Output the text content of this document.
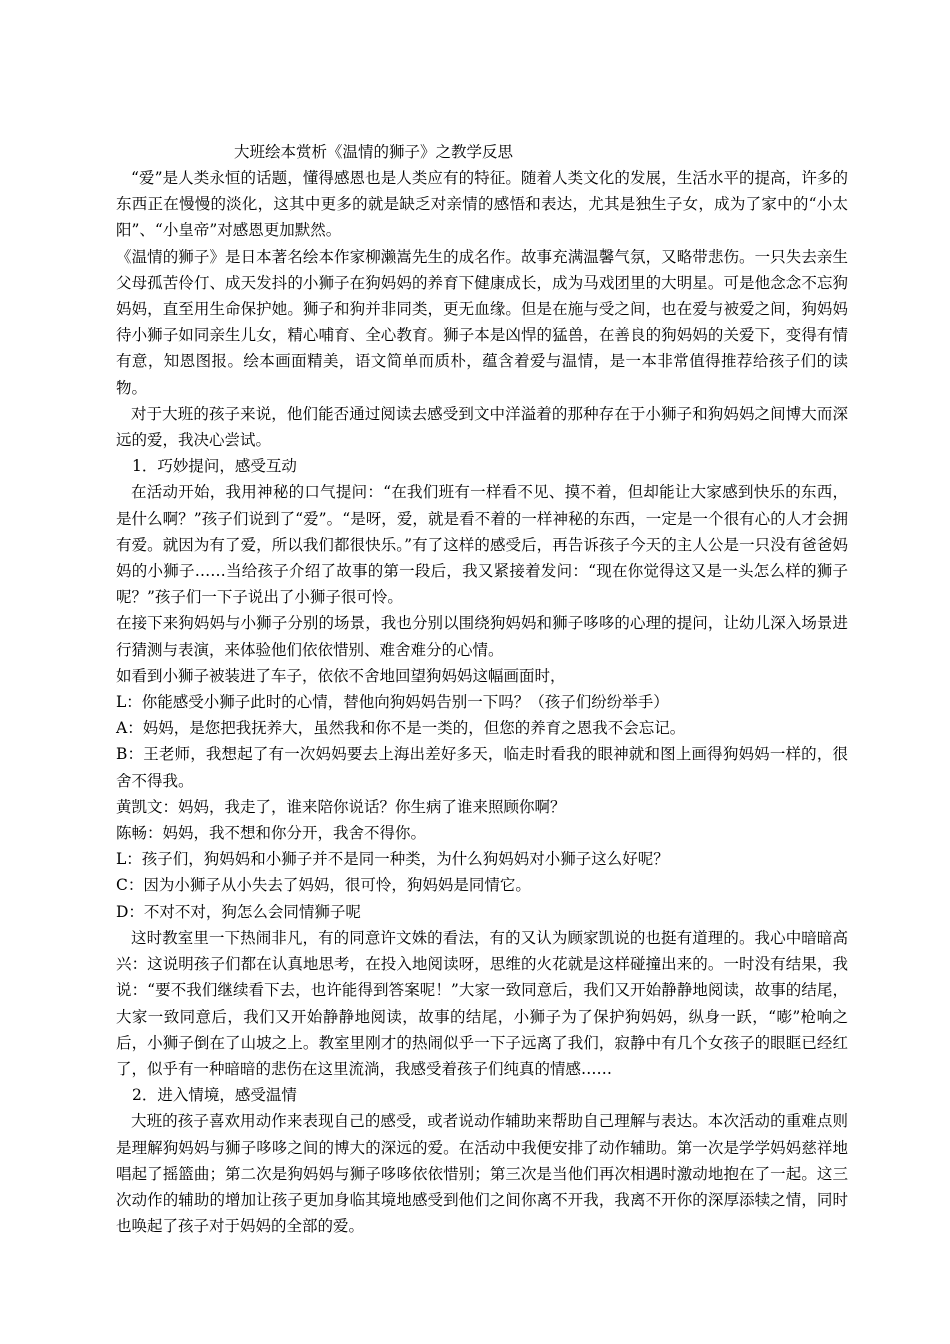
大班绘本赏析《温情的狮子》之教学反思

“爱”是人类永恒的话题，懂得感恩也是人类应有的特征。随着人类文化的发展，生活水平的提高，许多的东西正在慢慢的淡化，这其中更多的就是缺乏对亲情的感悟和表达，尤其是独生子女，成为了家中的“小太阳”、“小皇帝”对感恩更加默然。

《温情的狮子》是日本著名绘本作家柳濑嵩先生的成名作。故事充满温馨气氛，又略带悲伤。一只失去亲生父母孤苦伶仃、成天发抖的小狮子在狗妈妈的养育下健康成长，成为马戏团里的大明星。可是他念念不忘狗妈妈，直至用生命保护她。狮子和狗并非同类，更无血缘。但是在施与受之间，也在爱与被爱之间，狗妈妈待小狮子如同亲生儿女，精心哺育、全心教育。狮子本是凶悍的猛兽，在善良的狗妈妈的关爱下，变得有情有意，知恩图报。绘本画面精美，语文简单而质朴，蕴含着爱与温情，是一本非常值得推荐给孩子们的读物。

对于大班的孩子来说，他们能否通过阅读去感受到文中洋溢着的那种存在于小狮子和狗妈妈之间博大而深远的爱，我决心尝试。

1．巧妙提问，感受互动

在活动开始，我用神秘的口气提问：“在我们班有一样看不见、摸不着，但却能让大家感到快乐的东西，是什么啊？”孩子们说到了“爱”。“是呀，爱，就是看不着的一样神秘的东西，一定是一个很有心的人才会拥有爱。就因为有了爱，所以我们都很快乐。”有了这样的感受后，再告诉孩子今天的主人公是一只没有爸爸妈妈的小狮子……当给孩子介绍了故事的第一段后，我又紧接着发问：“现在你觉得这又是一头怎么样的狮子呢？”孩子们一下子说出了小狮子很可怜。

在接下来狗妈妈与小狮子分别的场景，我也分别以围绕狗妈妈和狮子哆哆的心理的提问，让幼儿深入场景进行猜测与表演，来体验他们依依惜别、难舍难分的心情。

如看到小狮子被装进了车子，依依不舍地回望狗妈妈这幅画面时，

L：你能感受小狮子此时的心情，替他向狗妈妈告别一下吗？（孩子们纷纷举手）

A：妈妈，是您把我抚养大，虽然我和你不是一类的，但您的养育之恩我不会忘记。

B：王老师，我想起了有一次妈妈要去上海出差好多天，临走时看我的眼神就和图上画得狗妈妈一样的，很舍不得我。

黄凯文：妈妈，我走了，谁来陪你说话？你生病了谁来照顾你啊？

陈畅：妈妈，我不想和你分开，我舍不得你。

L：孩子们，狗妈妈和小狮子并不是同一种类，为什么狗妈妈对小狮子这么好呢？

C：因为小狮子从小失去了妈妈，很可怜，狗妈妈是同情它。

D：不对不对，狗怎么会同情狮子呢

这时教室里一下热闹非凡，有的同意许文姝的看法，有的又认为顾家凯说的也挺有道理的。我心中暗暗高兴：这说明孩子们都在认真地思考，在投入地阅读呀，思维的火花就是这样碰撞出来的。一时没有结果，我说：“要不我们继续看下去，也许能得到答案呢！”大家一致同意后，我们又开始静静地阅读，故事的结尾，大家一致同意后，我们又开始静静地阅读，故事的结尾，小狮子为了保护狗妈妈，纵身一跃，“嘭”枪响之后，小狮子倒在了山坡之上。教室里刚才的热闹似乎一下子远离了我们，寂静中有几个女孩子的眼眶已经红了，似乎有一种暗暗的悲伤在这里流淌，我感受着孩子们纯真的情感……

2．进入情境，感受温情

大班的孩子喜欢用动作来表现自己的感受，或者说动作辅助来帮助自己理解与表达。本次活动的重难点则是理解狗妈妈与狮子哆哆之间的博大的深远的爱。在活动中我便安排了动作辅助。第一次是学学妈妈慈祥地唱起了摇篮曲；第二次是狗妈妈与狮子哆哆依依惜别；第三次是当他们再次相遇时激动地抱在了一起。这三次动作的辅助的增加让孩子更加身临其境地感受到他们之间你离不开我，我离不开你的深厚添犊之情，同时也唤起了孩子对于妈妈的全部的爱。
